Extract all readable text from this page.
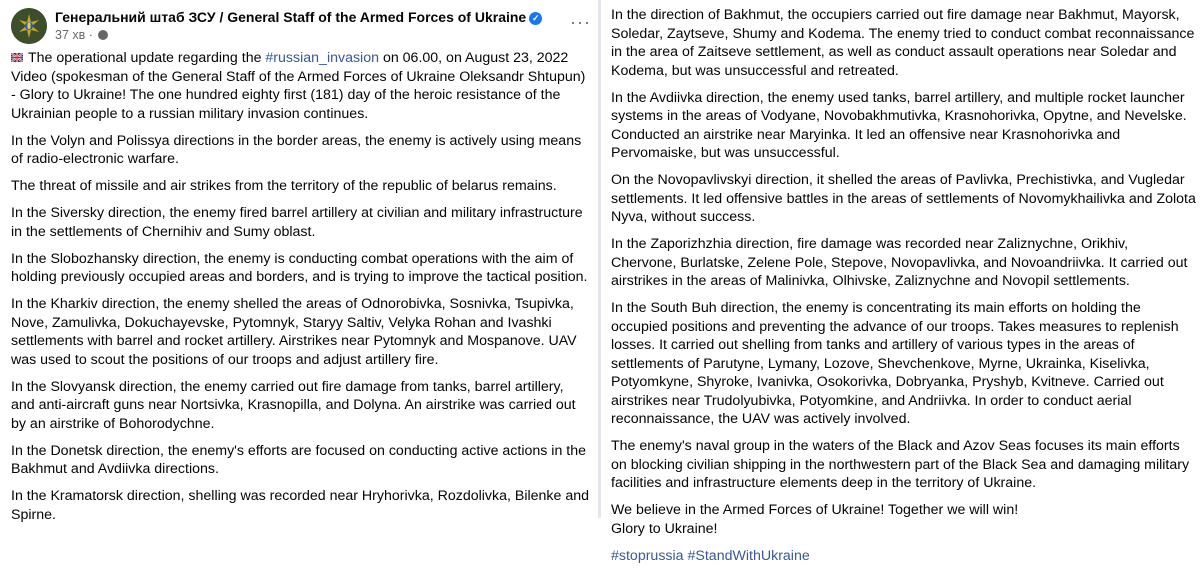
Генеральний штаб ЗСУ / General Staff of the Armed Forces of Ukraine ✓
37 хв ·
···

The operational update regarding the #russian_invasion on 06.00, on August 23, 2022 Video (spokesman of the General Staff of the Armed Forces of Ukraine Oleksandr Shtupun) - Glory to Ukraine! The one hundred eighty first (181) day of the heroic resistance of the Ukrainian people to a russian military invasion continues.

In the Volyn and Polissya directions in the border areas, the enemy is actively using means of radio-electronic warfare.

The threat of missile and air strikes from the territory of the republic of belarus remains.

In the Siversky direction, the enemy fired barrel artillery at civilian and military infrastructure in the settlements of Chernihiv and Sumy oblast.

In the Slobozhansky direction, the enemy is conducting combat operations with the aim of holding previously occupied areas and borders, and is trying to improve the tactical position.

In the Kharkiv direction, the enemy shelled the areas of Odnorobivka, Sosnivka, Tsupivka, Nove, Zamulivka, Dokuchayevske, Pytomnyk, Staryy Saltiv, Velyka Rohan and Ivashki settlements with barrel and rocket artillery. Airstrikes near Pytomnyk and Mospanove. UAV was used to scout the positions of our troops and adjust artillery fire.

In the Slovyansk direction, the enemy carried out fire damage from tanks, barrel artillery, and anti-aircraft guns near Nortsivka, Krasnopilla, and Dolyna. An airstrike was carried out by an airstrike of Bohorodychne.

In the Donetsk direction, the enemy's efforts are focused on conducting active actions in the Bakhmut and Avdiivka directions.

In the Kramatorsk direction, shelling was recorded near Hryhorivka, Rozdolivka, Bilenke and Spirne.

In the direction of Bakhmut, the occupiers carried out fire damage near Bakhmut, Mayorsk, Soledar, Zaytseve, Shumy and Kodema. The enemy tried to conduct combat reconnaissance in the area of Zaitseve settlement, as well as conduct assault operations near Soledar and Kodema, but was unsuccessful and retreated.

In the Avdiivka direction, the enemy used tanks, barrel artillery, and multiple rocket launcher systems in the areas of Vodyane, Novobakhmutivka, Krasnohorivka, Opytne, and Nevelske. Conducted an airstrike near Maryinka. It led an offensive near Krasnohorivka and Pervomaiske, but was unsuccessful.

On the Novopavlivskyi direction, it shelled the areas of Pavlivka, Prechistivka, and Vugledar settlements. It led offensive battles in the areas of settlements of Novomykhailivka and Zolota Nyva, without success.

In the Zaporizhzhia direction, fire damage was recorded near Zaliznychne, Orikhiv, Chervone, Burlatske, Zelene Pole, Stepove, Novopavlivka, and Novoandriivka. It carried out airstrikes in the areas of Malinivka, Olhivske, Zaliznychne and Novopil settlements.

In the South Buh direction, the enemy is concentrating its main efforts on holding the occupied positions and preventing the advance of our troops. Takes measures to replenish losses. It carried out shelling from tanks and artillery of various types in the areas of settlements of Parutyne, Lymany, Lozove, Shevchenkove, Myrne, Ukrainka, Kiselivka, Potyomkyne, Shyroke, Ivanivka, Osokorivka, Dobryanka, Pryshyb, Kvitneve. Carried out airstrikes near Trudolyubivka, Potyomkine, and Andriivka. In order to conduct aerial reconnaissance, the UAV was actively involved.

The enemy's naval group in the waters of the Black and Azov Seas focuses its main efforts on blocking civilian shipping in the northwestern part of the Black Sea and damaging military facilities and infrastructure elements deep in the territory of Ukraine.

We believe in the Armed Forces of Ukraine! Together we will win!
Glory to Ukraine!

#stoprussia #StandWithUkraine
